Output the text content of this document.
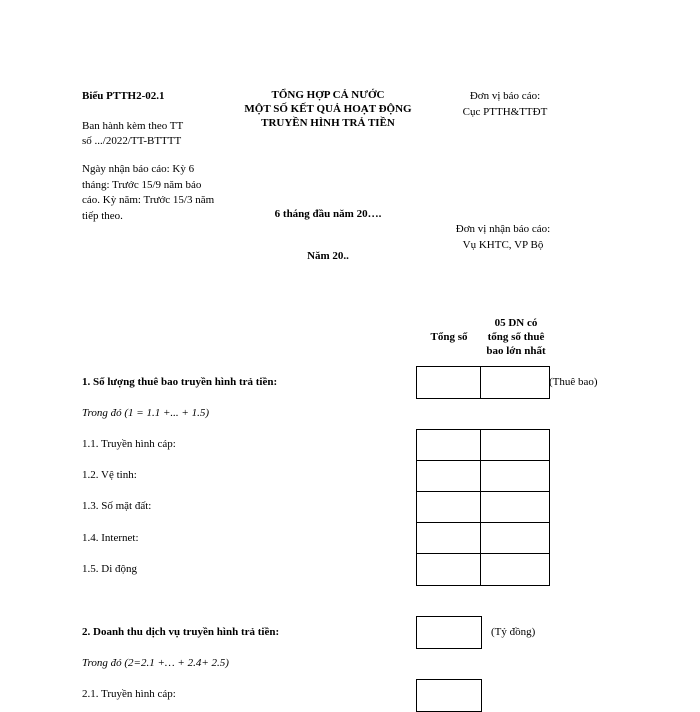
Biểu PTTH2-02.1
Ban hành kèm theo TT
số .../2022/TT-BTTTT
Ngày nhận báo cáo: Kỳ 6
tháng: Trước 15/9 năm báo
cáo. Kỳ năm: Trước 15/3 năm
tiếp theo.
TỔNG HỢP CẢ NƯỚC
MỘT SỐ KẾT QUẢ HOẠT ĐỘNG
TRUYỀN HÌNH TRẢ TIỀN
6 tháng đầu năm 20….
Năm 20..
Đơn vị báo cáo:
Cục PTTH&TTĐT
Đơn vị nhận báo cáo:
Vụ KHTC, VP Bộ
Tổng số
05 DN có
tổng số thuê
bao lớn nhất
1. Số lượng thuê bao truyền hình trả tiền:	(Thuê bao)
Trong đó (1 = 1.1 +... + 1.5)
1.1. Truyền hình cáp:
1.2. Vệ tinh:
1.3. Số mặt đất:
1.4. Internet:
1.5. Di động
2. Doanh thu dịch vụ truyền hình trả tiền:	(Tỷ đồng)
Trong đó (2=2.1 +… + 2.4+ 2.5)
2.1. Truyền hình cáp:
